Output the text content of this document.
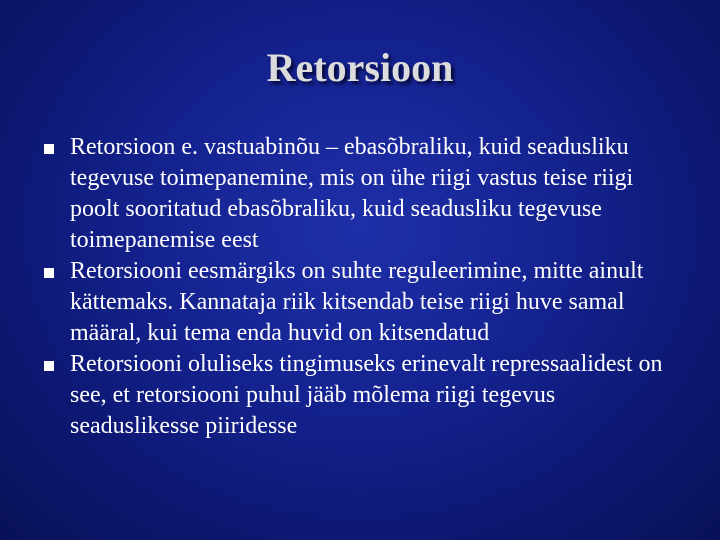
Retorsioon
Retorsioon e. vastuabinõu – ebasõbraliku, kuid seadusliku tegevuse toimepanemine, mis on ühe riigi vastus teise riigi poolt sooritatud ebasõbraliku, kuid seadusliku tegevuse toimepanemise eest
Retorsiooni eesmärgiks on suhte reguleerimine, mitte ainult kättemaks. Kannataja riik kitsendab teise riigi huve samal määral, kui tema enda huvid on kitsendatud
Retorsiooni oluliseks tingimuseks erinevalt repressaalidest on see, et retorsiooni puhul jääb mõlema riigi tegevus seaduslikesse piiridesse
